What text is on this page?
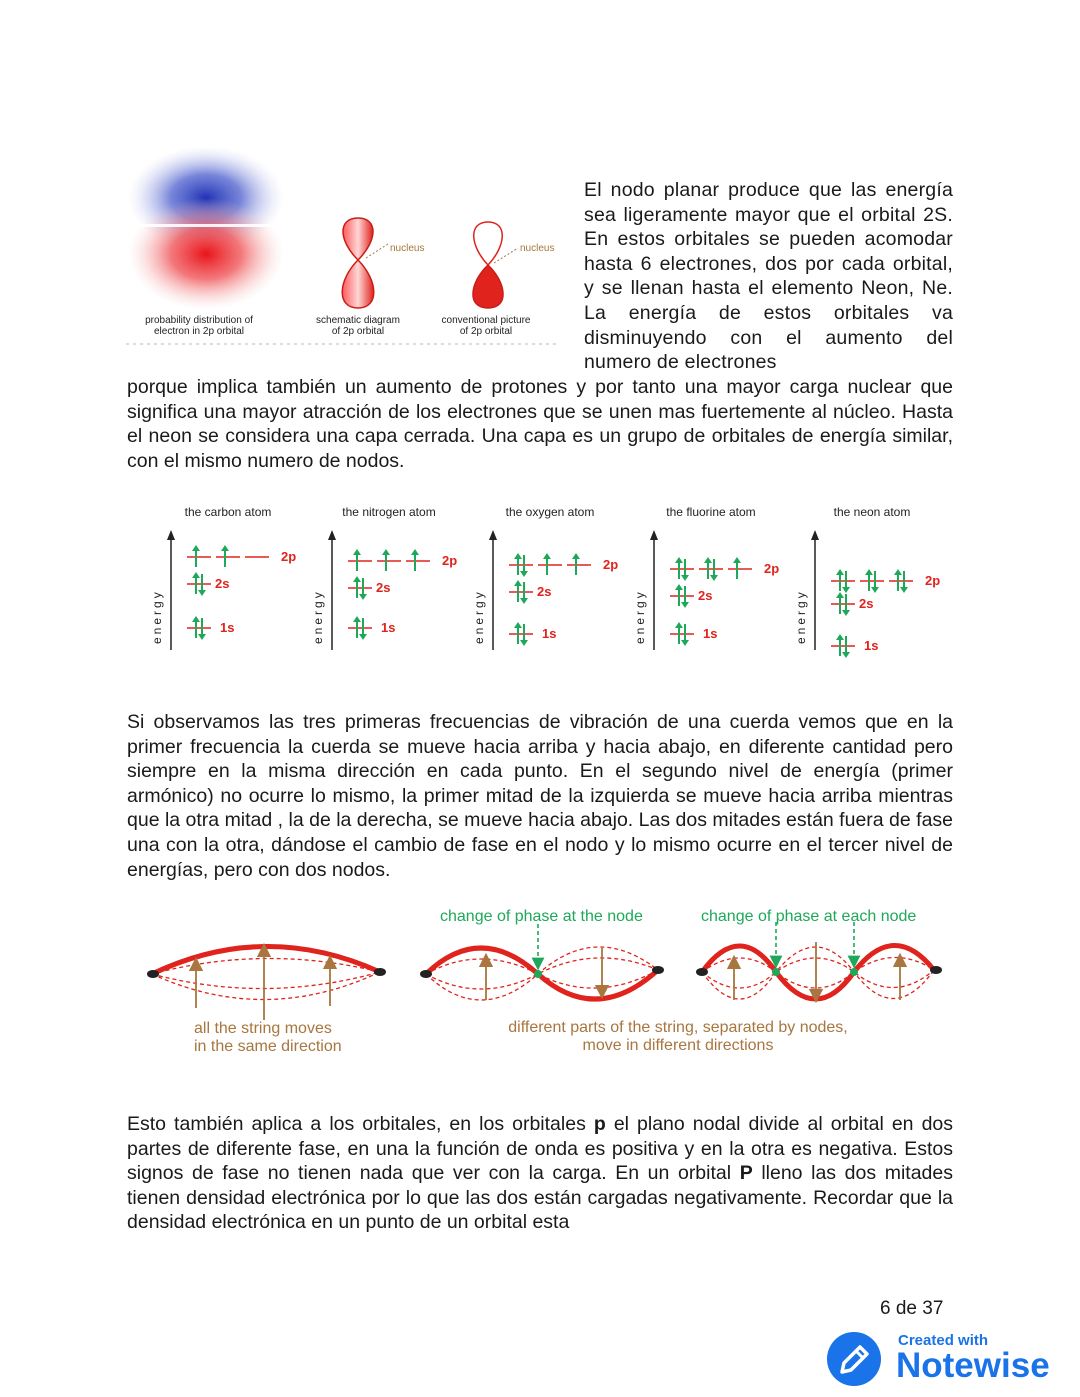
nucleus	nucleus
probability distribution of
electron in 2p orbital
schematic diagram
of 2p orbital
conventional picture
of 2p orbital
El nodo planar produce que las energía sea ligeramente mayor que el orbital 2S. En estos orbitales se pueden acomodar hasta 6 electrones, dos por cada orbital, y se llenan hasta el elemento Neon, Ne. La energía de estos orbitales va disminuyendo con el aumento del numero de electrones
porque implica también un aumento de protones y por tanto una mayor carga nuclear que significa una mayor atracción de los electrones que se unen mas fuertemente al núcleo. Hasta el neon se considera una capa cerrada. Una capa es un grupo de orbitales de energía similar, con el mismo numero de nodos.
the carbon atom
energy	1s
2s
2p
the nitrogen atom
energy	1s
2s
2p
the oxygen atom
energy	1s
2s
2p
the fluorine atom
energy	1s
2s
2p
the neon atom
energy
1s
2s
2p
Si observamos las tres primeras frecuencias de vibración de una cuerda vemos que en la primer frecuencia la cuerda se mueve hacia arriba y hacia abajo, en diferente cantidad pero siempre en la misma dirección en cada punto. En el segundo nivel de energía (primer armónico) no ocurre lo mismo, la primer mitad de la izquierda se mueve hacia arriba mientras que la otra mitad , la de la derecha, se mueve hacia abajo. Las dos mitades están fuera de fase una con la otra, dándose el cambio de fase en el nodo y lo mismo ocurre en el tercer nivel de energías, pero con dos nodos.
all the string moves
in the same direction
change of phase at the node	change of phase at each node
different parts of the string, separated by nodes,
move in different directions
Esto también aplica a los orbitales, en los orbitales p el plano nodal divide al orbital en dos partes de diferente fase, en una la función de onda es positiva y en la otra es negativa. Estos signos de fase no tienen nada que ver con la carga. En un orbital P lleno las dos mitades tienen densidad electrónica por lo que las dos están cargadas negativamente. Recordar que la densidad electrónica en un punto de un orbital esta
6 de 37
Created with
Notewise
